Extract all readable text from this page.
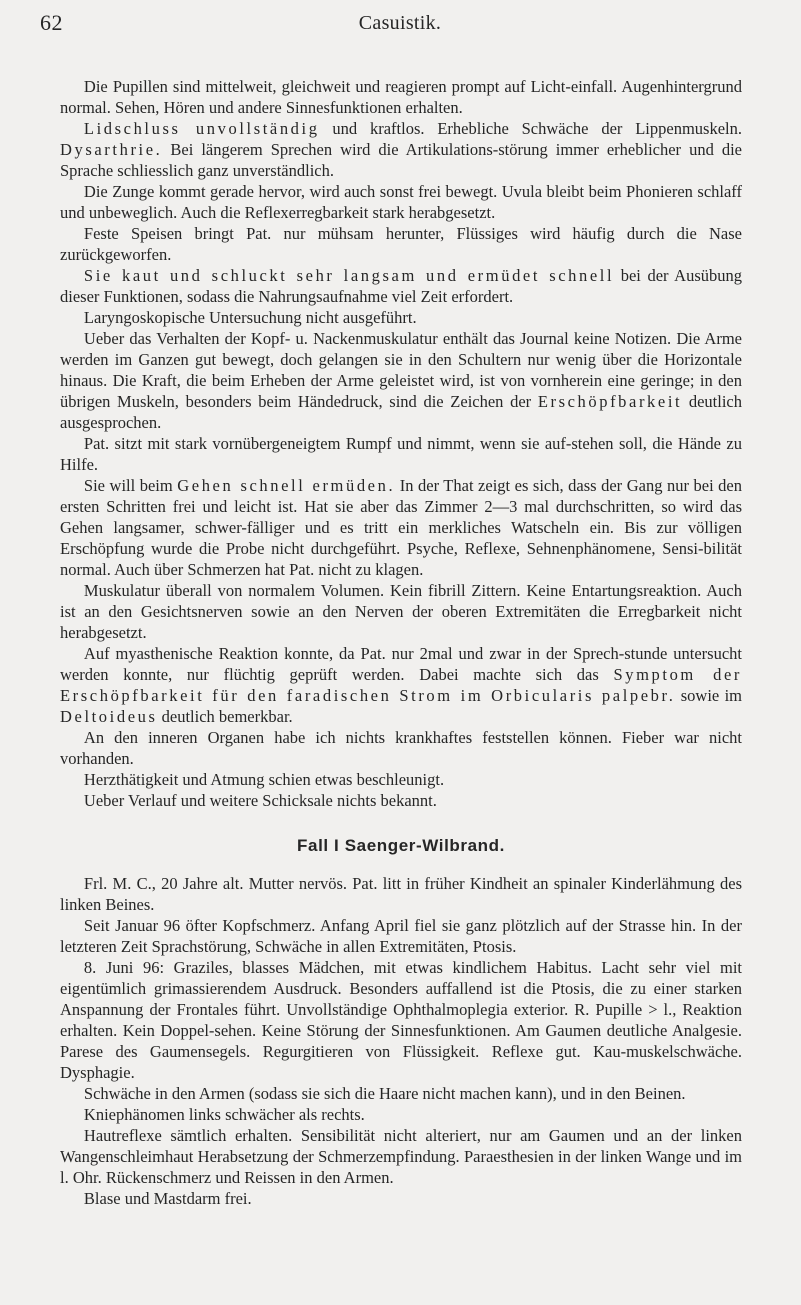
62	Casuistik.

Die Pupillen sind mittelweit, gleichweit und reagieren prompt auf Licht-einfall. Augenhintergrund normal. Sehen, Hören und andere Sinnesfunktionen erhalten.

Lidschluss unvollständig und kraftlos. Erhebliche Schwäche der Lippenmuskeln. Dysarthrie. Bei längerem Sprechen wird die Artikulations-störung immer erheblicher und die Sprache schliesslich ganz unverständlich.

Die Zunge kommt gerade hervor, wird auch sonst frei bewegt. Uvula bleibt beim Phonieren schlaff und unbeweglich. Auch die Reflexerregbarkeit stark herabgesetzt.

Feste Speisen bringt Pat. nur mühsam herunter, Flüssiges wird häufig durch die Nase zurückgeworfen.

Sie kaut und schluckt sehr langsam und ermüdet schnell bei der Ausübung dieser Funktionen, sodass die Nahrungsaufnahme viel Zeit erfordert.

Laryngoskopische Untersuchung nicht ausgeführt.

Ueber das Verhalten der Kopf- u. Nackenmuskulatur enthält das Journal keine Notizen. Die Arme werden im Ganzen gut bewegt, doch gelangen sie in den Schultern nur wenig über die Horizontale hinaus. Die Kraft, die beim Erheben der Arme geleistet wird, ist von vornherein eine geringe; in den übrigen Muskeln, besonders beim Händedruck, sind die Zeichen der Erschöpfbarkeit deutlich ausgesprochen.

Pat. sitzt mit stark vornübergeneigtem Rumpf und nimmt, wenn sie auf-stehen soll, die Hände zu Hilfe.

Sie will beim Gehen schnell ermüden. In der That zeigt es sich, dass der Gang nur bei den ersten Schritten frei und leicht ist. Hat sie aber das Zimmer 2—3 mal durchschritten, so wird das Gehen langsamer, schwer-fälliger und es tritt ein merkliches Watscheln ein. Bis zur völligen Erschöpfung wurde die Probe nicht durchgeführt. Psyche, Reflexe, Sehnenphänomene, Sensi-bilität normal. Auch über Schmerzen hat Pat. nicht zu klagen.

Muskulatur überall von normalem Volumen. Kein fibrill Zittern. Keine Entartungsreaktion. Auch ist an den Gesichtsnerven sowie an den Nerven der oberen Extremitäten die Erregbarkeit nicht herabgesetzt.

Auf myasthenische Reaktion konnte, da Pat. nur 2mal und zwar in der Sprech-stunde untersucht werden konnte, nur flüchtig geprüft werden. Dabei machte sich das Symptom der Erschöpfbarkeit für den faradischen Strom im Orbicularis palpebr. sowie im Deltoideus deutlich bemerkbar.

An den inneren Organen habe ich nichts krankhaftes feststellen können. Fieber war nicht vorhanden.

Herzthätigkeit und Atmung schien etwas beschleunigt.

Ueber Verlauf und weitere Schicksale nichts bekannt.

Fall I Saenger-Wilbrand.

Frl. M. C., 20 Jahre alt. Mutter nervös. Pat. litt in früher Kindheit an spinaler Kinderlähmung des linken Beines.

Seit Januar 96 öfter Kopfschmerz. Anfang April fiel sie ganz plötzlich auf der Strasse hin. In der letzteren Zeit Sprachstörung, Schwäche in allen Extremitäten, Ptosis.

8. Juni 96: Graziles, blasses Mädchen, mit etwas kindlichem Habitus. Lacht sehr viel mit eigentümlich grimassierendem Ausdruck. Besonders auffallend ist die Ptosis, die zu einer starken Anspannung der Frontales führt. Unvollständige Ophthalmoplegia exterior. R. Pupille > l., Reaktion erhalten. Kein Doppel-sehen. Keine Störung der Sinnesfunktionen. Am Gaumen deutliche Analgesie. Parese des Gaumensegels. Regurgitieren von Flüssigkeit. Reflexe gut. Kau-muskelschwäche. Dysphagie.

Schwäche in den Armen (sodass sie sich die Haare nicht machen kann), und in den Beinen.

Kniephänomen links schwächer als rechts.

Hautreflexe sämtlich erhalten. Sensibilität nicht alteriert, nur am Gaumen und an der linken Wangenschleimhaut Herabsetzung der Schmerzempfindung. Paraesthesien in der linken Wange und im l. Ohr. Rückenschmerz und Reissen in den Armen.

Blase und Mastdarm frei.
